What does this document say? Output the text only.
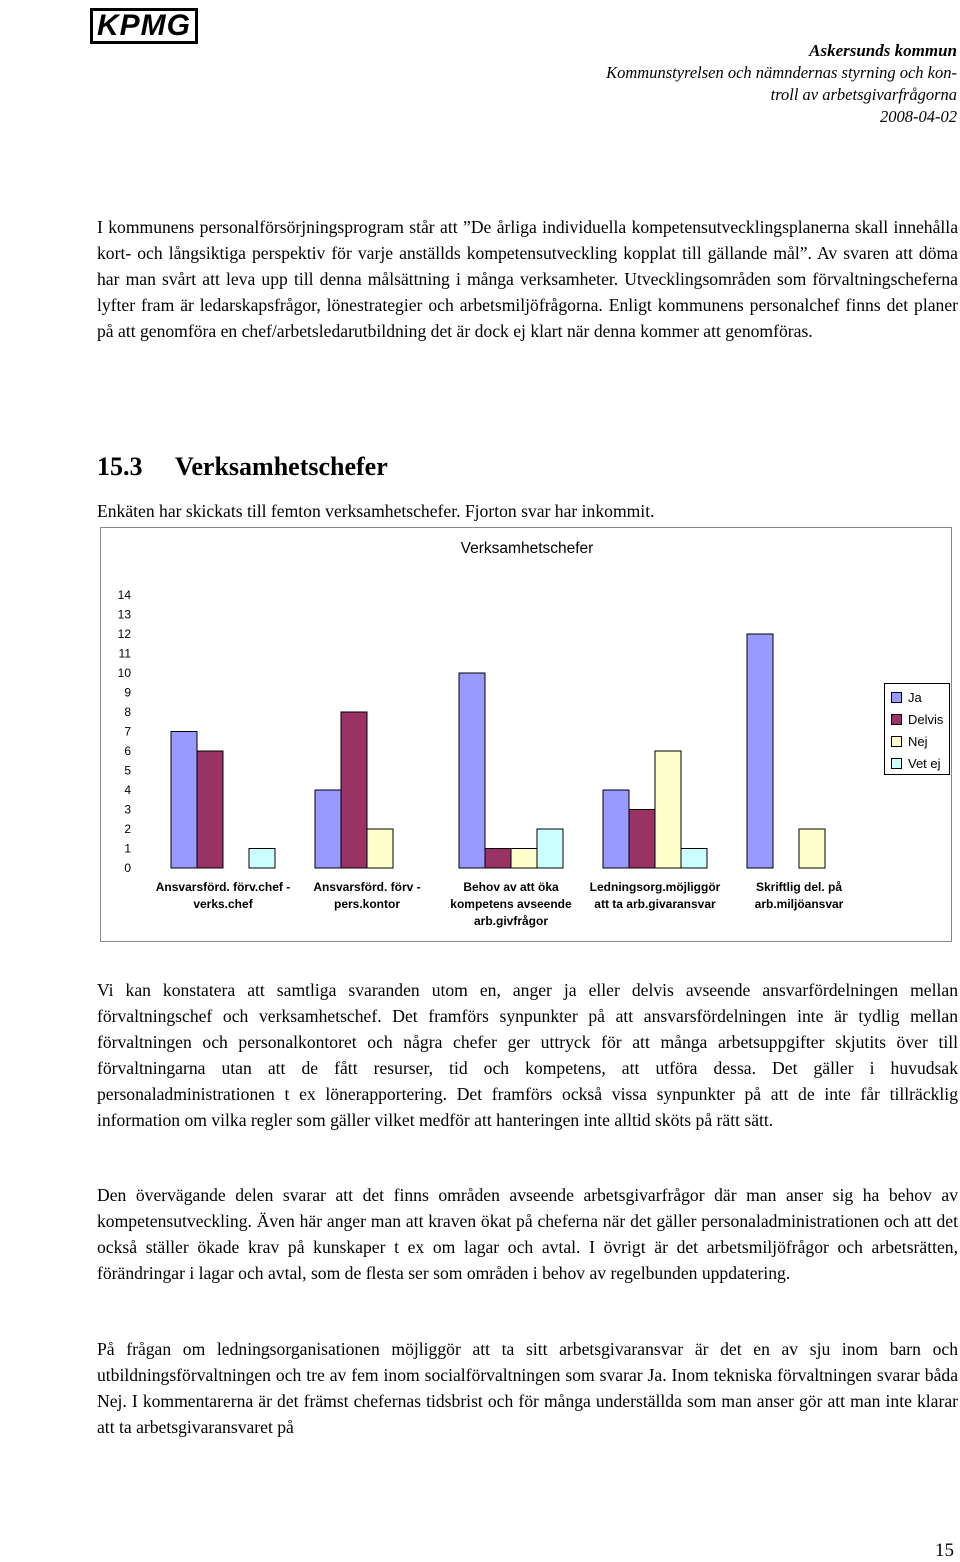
KPMG
Askersunds kommun
Kommunstyrelsen och nämndernas styrning och kon-
troll av arbetsgivarfrågorna
2008-04-02
I kommunens personalförsörjningsprogram står att ”De årliga individuella kompetensutvecklingsplanerna skall innehålla kort- och långsiktiga perspektiv för varje anställds kompetensutveckling kopplat till gällande mål”. Av svaren att döma har man svårt att leva upp till denna målsättning i många verksamheter. Utvecklingsområden som förvaltningscheferna lyfter fram är ledarskapsfrågor, lönestrategier och arbetsmiljöfrågorna. Enligt kommunens personalchef finns det planer på att genomföra en chef/arbetsledarutbildning det är dock ej klart när denna kommer att genomföras.
15.3 Verksamhetschefer
Enkäten har skickats till femton verksamhetschefer. Fjorton svar har inkommit.
Verksamhetschefer
0
1
2
3
4
5
6
7
8
9
10
11
12
13
14
Ansvarsförd. förv.chef -
verks.chef
Ansvarsförd. förv -
pers.kontor
Behov av att öka
kompetens avseende
arb.givfrågor
Ledningsorg.möjliggör
att ta arb.givaransvar
Skriftlig del. på
arb.miljöansvar
Ja
Delvis
Nej
Vet ej
Vi kan konstatera att samtliga svaranden utom en, anger ja eller delvis avseende ansvarfördelningen mellan förvaltningschef och verksamhetschef. Det framförs synpunkter på att ansvarsfördelningen inte är tydlig mellan förvaltningen och personalkontoret och några chefer ger uttryck för att många arbetsuppgifter skjutits över till förvaltningarna utan att de fått resurser, tid och kompetens, att utföra dessa. Det gäller i huvudsak personaladministrationen t ex lönerapportering. Det framförs också vissa synpunkter på att de inte får tillräcklig information om vilka regler som gäller vilket medför att hanteringen inte alltid sköts på rätt sätt.
Den övervägande delen svarar att det finns områden avseende arbetsgivarfrågor där man anser sig ha behov av kompetensutveckling. Även här anger man att kraven ökat på cheferna när det gäller personaladministrationen och att det också ställer ökade krav på kunskaper t ex om lagar och avtal. I övrigt är det arbetsmiljöfrågor och arbetsrätten, förändringar i lagar och avtal, som de flesta ser som områden i behov av regelbunden uppdatering.
På frågan om ledningsorganisationen möjliggör att ta sitt arbetsgivaransvar är det en av sju inom barn och utbildningsförvaltningen och tre av fem inom socialförvaltningen som svarar Ja. Inom tekniska förvaltningen svarar båda Nej. I kommentarerna är det främst chefernas tidsbrist och för många underställda som man anser gör att man inte klarar att ta arbetsgivaransvaret på
15
